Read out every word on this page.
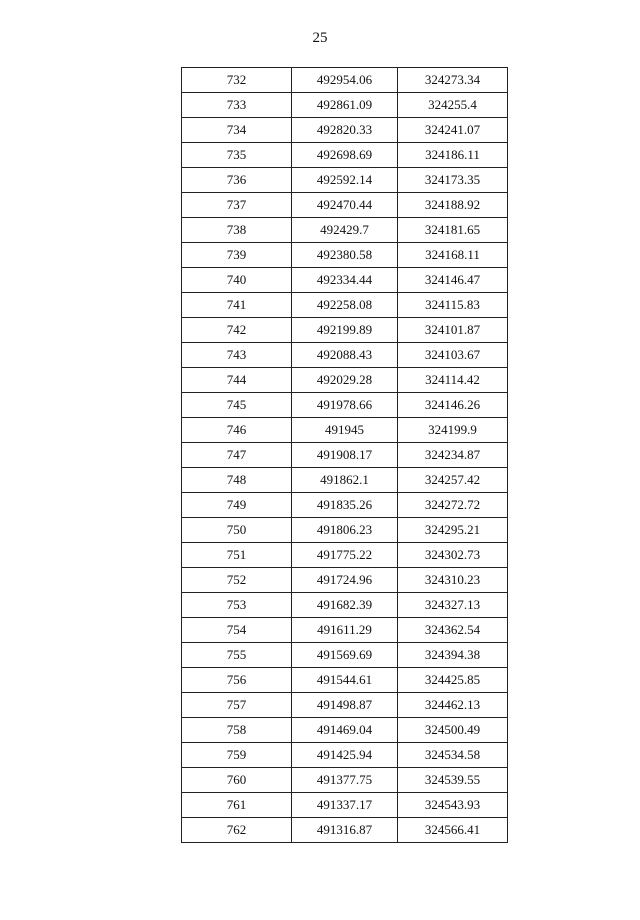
25
732	492954.06	324273.34
733	492861.09	324255.4
734	492820.33	324241.07
735	492698.69	324186.11
736	492592.14	324173.35
737	492470.44	324188.92
738	492429.7	324181.65
739	492380.58	324168.11
740	492334.44	324146.47
741	492258.08	324115.83
742	492199.89	324101.87
743	492088.43	324103.67
744	492029.28	324114.42
745	491978.66	324146.26
746	491945	324199.9
747	491908.17	324234.87
748	491862.1	324257.42
749	491835.26	324272.72
750	491806.23	324295.21
751	491775.22	324302.73
752	491724.96	324310.23
753	491682.39	324327.13
754	491611.29	324362.54
755	491569.69	324394.38
756	491544.61	324425.85
757	491498.87	324462.13
758	491469.04	324500.49
759	491425.94	324534.58
760	491377.75	324539.55
761	491337.17	324543.93
762	491316.87	324566.41
